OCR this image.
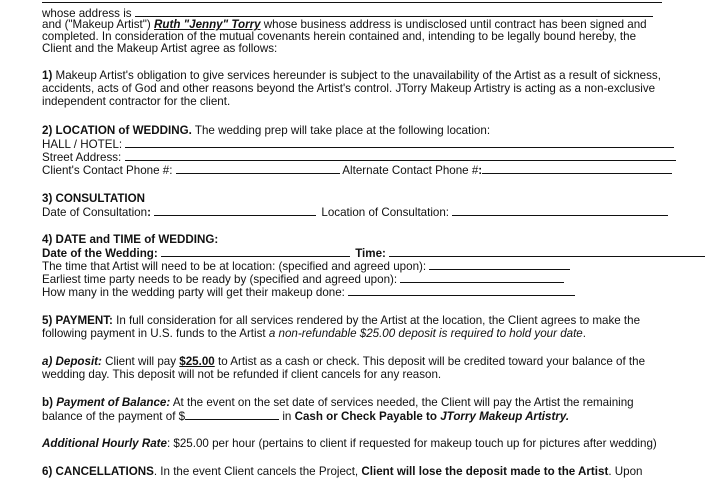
whose address is
and ("Makeup Artist") Ruth "Jenny" Torry whose business address is undisclosed until contract has been signed and
completed. In consideration of the mutual covenants herein contained and, intending to be legally bound hereby, the
Client and the Makeup Artist agree as follows:
1) Makeup Artist's obligation to give services hereunder is subject to the unavailability of the Artist as a result of sickness,
accidents, acts of God and other reasons beyond the Artist's control. JTorry Makeup Artistry is acting as a non-exclusive
independent contractor for the client.
2) LOCATION of WEDDING. The wedding prep will take place at the following location:
HALL / HOTEL:
Street Address:
Client's Contact Phone #:	Alternate Contact Phone #:
3) CONSULTATION
Date of Consultation:	Location of Consultation:
4) DATE and TIME of WEDDING:
Date of the Wedding:	Time:
The time that Artist will need to be at location: (specified and agreed upon):
Earliest time party needs to be ready by (specified and agreed upon):
How many in the wedding party will get their makeup done:
5) PAYMENT: In full consideration for all services rendered by the Artist at the location, the Client agrees to make the
following payment in U.S. funds to the Artist a non-refundable $25.00 deposit is required to hold your date.
a) Deposit: Client will pay $25.00 to Artist as a cash or check. This deposit will be credited toward your balance of the
wedding day. This deposit will not be refunded if client cancels for any reason.
b) Payment of Balance: At the event on the set date of services needed, the Client will pay the Artist the remaining
balance of the payment of $	in Cash or Check Payable to JTorry Makeup Artistry.
Additional Hourly Rate: $25.00 per hour (pertains to client if requested for makeup touch up for pictures after wedding)
6) CANCELLATIONS. In the event Client cancels the Project, Client will lose the deposit made to the Artist. Upon
